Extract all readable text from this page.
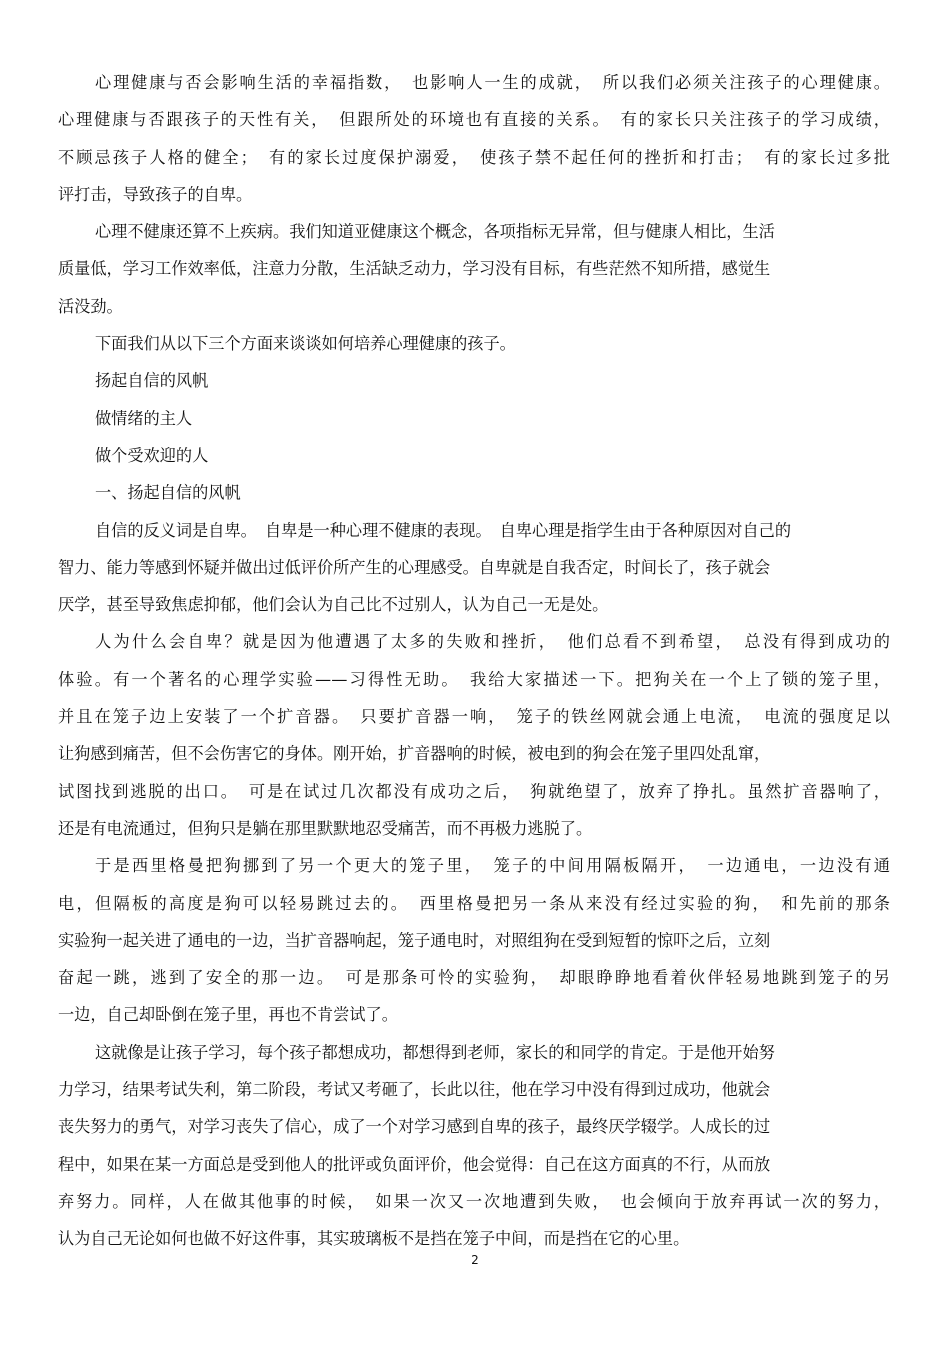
心理健康与否会影响生活的幸福指数，　也影响人一生的成就，　所以我们必须关注孩子的心理健康。
心理健康与否跟孩子的天性有关，　但跟所处的环境也有直接的关系。　有的家长只关注孩子的学习成绩，
不顾忌孩子人格的健全；　有的家长过度保护溺爱，　使孩子禁不起任何的挫折和打击；　有的家长过多批
评打击，导致孩子的自卑。

心理不健康还算不上疾病。我们知道亚健康这个概念，各项指标无异常，但与健康人相比，生活
质量低，学习工作效率低，注意力分散，生活缺乏动力，学习没有目标，有些茫然不知所措，感觉生
活没劲。

下面我们从以下三个方面来谈谈如何培养心理健康的孩子。

扬起自信的风帆

做情绪的主人

做个受欢迎的人

一、扬起自信的风帆

自信的反义词是自卑。　自卑是一种心理不健康的表现。　自卑心理是指学生由于各种原因对自己的
智力、能力等感到怀疑并做出过低评价所产生的心理感受。自卑就是自我否定，时间长了，孩子就会
厌学，甚至导致焦虑抑郁，他们会认为自己比不过别人，认为自己一无是处。

人为什么会自卑？就是因为他遭遇了太多的失败和挫折，　他们总看不到希望，　总没有得到成功的
体验。有一个著名的心理学实验——习得性无助。　我给大家描述一下。把狗关在一个上了锁的笼子里，
并且在笼子边上安装了一个扩音器。　只要扩音器一响，　笼子的铁丝网就会通上电流，　电流的强度足以
让狗感到痛苦，但不会伤害它的身体。刚开始，扩音器响的时候，被电到的狗会在笼子里四处乱窜，
试图找到逃脱的出口。　可是在试过几次都没有成功之后，　狗就绝望了，放弃了挣扎。虽然扩音器响了，
还是有电流通过，但狗只是躺在那里默默地忍受痛苦，而不再极力逃脱了。

于是西里格曼把狗挪到了另一个更大的笼子里，　笼子的中间用隔板隔开，　一边通电，一边没有通
电，但隔板的高度是狗可以轻易跳过去的。　西里格曼把另一条从来没有经过实验的狗，　和先前的那条
实验狗一起关进了通电的一边，当扩音器响起，笼子通电时，对照组狗在受到短暂的惊吓之后，立刻
奋起一跳，逃到了安全的那一边。　可是那条可怜的实验狗，　却眼睁睁地看着伙伴轻易地跳到笼子的另
一边，自己却卧倒在笼子里，再也不肯尝试了。

这就像是让孩子学习，每个孩子都想成功，都想得到老师，家长的和同学的肯定。于是他开始努
力学习，结果考试失利，第二阶段，考试又考砸了，长此以往，他在学习中没有得到过成功，他就会
丧失努力的勇气，对学习丧失了信心，成了一个对学习感到自卑的孩子，最终厌学辍学。人成长的过
程中，如果在某一方面总是受到他人的批评或负面评价，他会觉得：自己在这方面真的不行，从而放
弃努力。同样，人在做其他事的时候，　如果一次又一次地遭到失败，　也会倾向于放弃再试一次的努力，
认为自己无论如何也做不好这件事，其实玻璃板不是挡在笼子中间，而是挡在它的心里。

2
